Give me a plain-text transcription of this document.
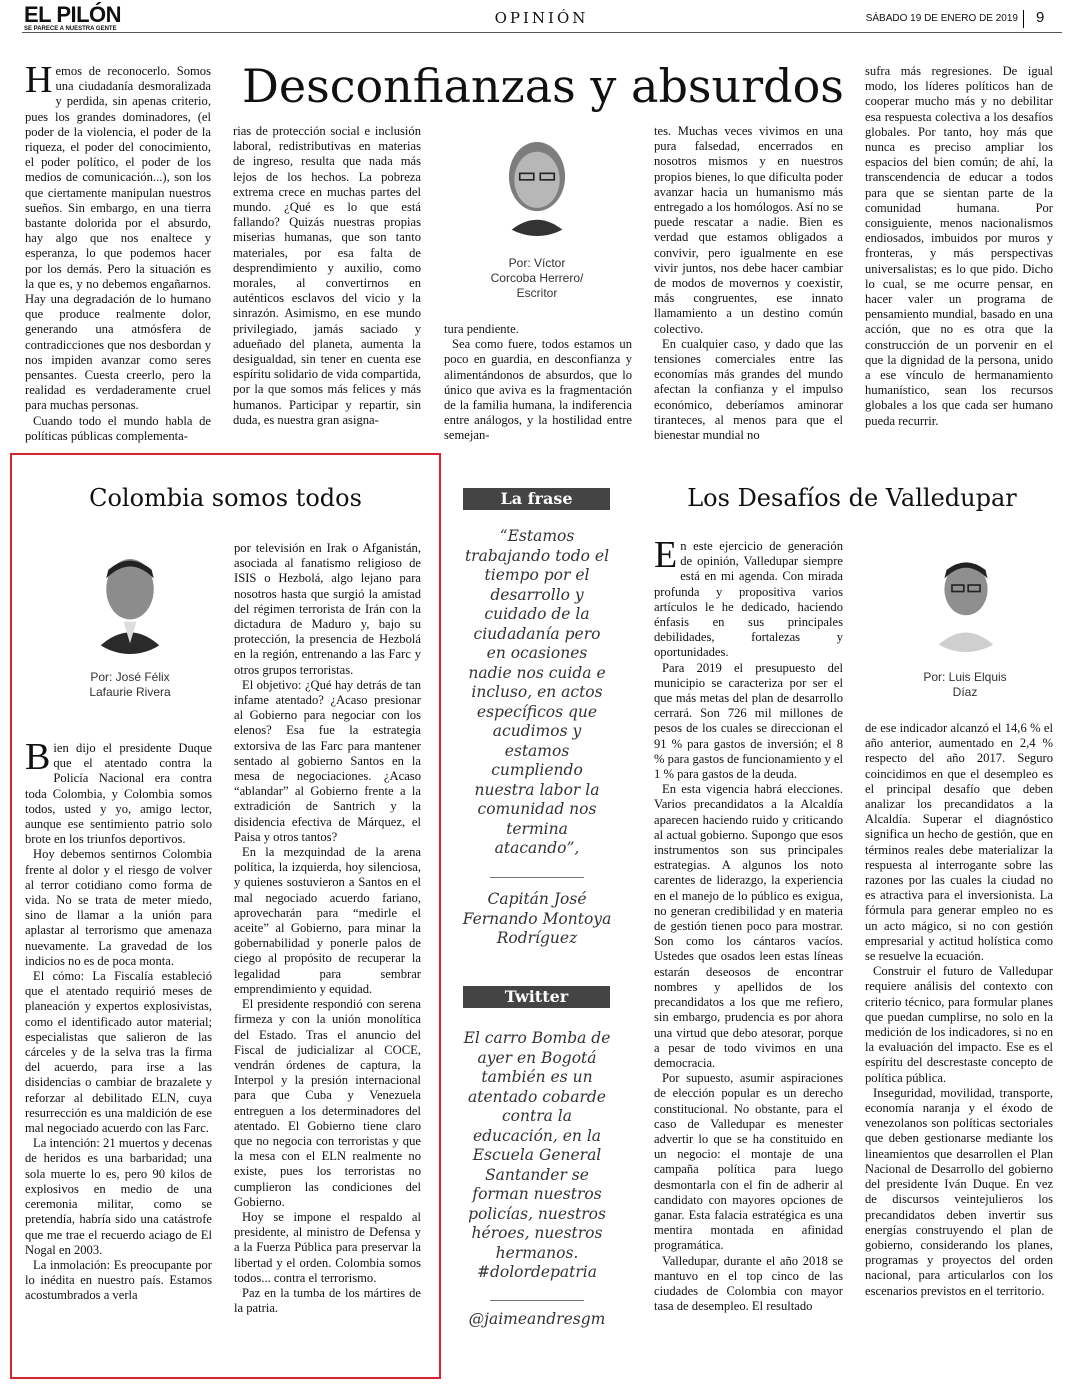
EL PILÓN
SE PARECE A NUESTRA GENTE
OPINIÓN	SÁBADO 19 DE ENERO DE 2019 9
Desconfianzas y absurdos

Hemos de reconocerlo. Somos una ciudadanía desmoralizada y perdida, sin apenas criterio, pues los grandes dominadores, (el poder de la violencia, el poder de la riqueza, el poder del conocimiento, el poder político, el poder de los medios de comunicación...), son los que ciertamente manipulan nuestros sueños. Sin embargo, en una tierra bastante dolorida por el absurdo, hay algo que nos enaltece y esperanza, lo que podemos hacer por los demás. Pero la situación es la que es, y no debemos engañarnos. Hay una degradación de lo humano que produce realmente dolor, generando una atmósfera de contradicciones que nos desbordan y nos impiden avanzar como seres pensantes. Cuesta creerlo, pero la realidad es verdaderamente cruel para muchas personas.

Cuando todo el mundo habla de políticas públicas complementa-

rias de protección social e inclusión laboral, redistributivas en materias de ingreso, resulta que nada más lejos de los hechos. La pobreza extrema crece en muchas partes del mundo. ¿Qué es lo que está fallando? Quizás nuestras propias miserias humanas, que son tanto materiales, por esa falta de desprendimiento y auxilio, como morales, al convertirnos en auténticos esclavos del vicio y la sinrazón. Asimismo, en ese mundo privilegiado, jamás saciado y adueñado del planeta, aumenta la desigualdad, sin tener en cuenta ese espíritu solidario de vida compartida, por la que somos más felices y más humanos. Participar y repartir, sin duda, es nuestra gran asigna-

Por: Víctor
Corcoba Herrero/
Escritor

tura pendiente.

Sea como fuere, todos estamos un poco en guardia, en desconfianza y alimentándonos de absurdos, que lo único que aviva es la fragmentación de la familia humana, la indiferencia entre análogos, y la hostilidad entre semejan-

tes. Muchas veces vivimos en una pura falsedad, encerrados en nosotros mismos y en nuestros propios bienes, lo que dificulta poder avanzar hacia un humanismo más entregado a los homólogos. Así no se puede rescatar a nadie. Bien es verdad que estamos obligados a convivir, pero igualmente en ese vivir juntos, nos debe hacer cambiar de modos de movernos y coexistir, más congruentes, ese innato llamamiento a un destino común colectivo.

En cualquier caso, y dado que las tensiones comerciales entre las economías más grandes del mundo afectan la confianza y el impulso económico, deberíamos aminorar tiranteces, al menos para que el bienestar mundial no

sufra más regresiones. De igual modo, los líderes políticos han de cooperar mucho más y no debilitar esa respuesta colectiva a los desafíos globales. Por tanto, hoy más que nunca es preciso ampliar los espacios del bien común; de ahí, la transcendencia de educar a todos para que se sientan parte de la comunidad humana. Por consiguiente, menos nacionalismos endiosados, imbuidos por muros y fronteras, y más perspectivas universalistas; es lo que pido. Dicho lo cual, se me ocurre pensar, en hacer valer un programa de pensamiento mundial, basado en una acción, que no es otra que la construcción de un porvenir en el que la dignidad de la persona, unido a ese vínculo de hermanamiento humanístico, sean los recursos globales a los que cada ser humano pueda recurrir.

Colombia somos todos
Por: José Félix
Lafaurie Rivera

Bien dijo el presidente Duque que el atentado contra la Policía Nacional era contra toda Colombia, y Colombia somos todos, usted y yo, amigo lector, aunque ese sentimiento patrio solo brote en los triunfos deportivos.

Hoy debemos sentirnos Colombia frente al dolor y el riesgo de volver al terror cotidiano como forma de vida. No se trata de meter miedo, sino de llamar a la unión para aplastar al terrorismo que amenaza nuevamente. La gravedad de los indicios no es de poca monta.

El cómo: La Fiscalía estableció que el atentado requirió meses de planeación y expertos explosivistas, como el identificado autor material; especialistas que salieron de las cárceles y de la selva tras la firma del acuerdo, para irse a las disidencias o cambiar de brazalete y reforzar al debilitado ELN, cuya resurrección es una maldición de ese mal negociado acuerdo con las Farc.

La intención: 21 muertos y decenas de heridos es una barbaridad; una sola muerte lo es, pero 90 kilos de explosivos en medio de una ceremonia militar, como se pretendía, habría sido una catástrofe que me trae el recuerdo aciago de El Nogal en 2003.

La inmolación: Es preocupante por lo inédita en nuestro país. Estamos acostumbrados a verla

por televisión en Irak o Afganistán, asociada al fanatismo religioso de ISIS o Hezbolá, algo lejano para nosotros hasta que surgió la amistad del régimen terrorista de Irán con la dictadura de Maduro y, bajo su protección, la presencia de Hezbolá en la región, entrenando a las Farc y otros grupos terroristas.

El objetivo: ¿Qué hay detrás de tan infame atentado? ¿Acaso presionar al Gobierno para negociar con los elenos? Esa fue la estrategia extorsiva de las Farc para mantener sentado al gobierno Santos en la mesa de negociaciones. ¿Acaso “ablandar” al Gobierno frente a la extradición de Santrich y la disidencia efectiva de Márquez, el Paisa y otros tantos?

En la mezquindad de la arena política, la izquierda, hoy silenciosa, y quienes sostuvieron a Santos en el mal negociado acuerdo fariano, aprovecharán para “medirle el aceite” al Gobierno, para minar la gobernabilidad y ponerle palos de ciego al propósito de recuperar la legalidad para sembrar emprendimiento y equidad.

El presidente respondió con serena firmeza y con la unión monolítica del Estado. Tras el anuncio del Fiscal de judicializar al COCE, vendrán órdenes de captura, la Interpol y la presión internacional para que Cuba y Venezuela entreguen a los determinadores del atentado. El Gobierno tiene claro que no negocia con terroristas y que la mesa con el ELN realmente no existe, pues los terroristas no cumplieron las condiciones del Gobierno.

Hoy se impone el respaldo al presidente, al ministro de Defensa y a la Fuerza Pública para preservar la libertad y el orden. Colombia somos todos... contra el terrorismo.

Paz en la tumba de los mártires de la patria.

La frase
“Estamos trabajando todo el tiempo por el desarrollo y cuidado de la ciudadanía pero en ocasiones nadie nos cuida e incluso, en actos específicos que acudimos y estamos cumpliendo nuestra labor la comunidad nos termina atacando”,
Capitán José Fernando Montoya Rodríguez
Twitter
El carro Bomba de ayer en Bogotá también es un atentado cobarde contra la educación, en la Escuela General Santander se forman nuestros policías, nuestros héroes, nuestros hermanos. #dolordepatria
@jaimeandresgm
Los Desafíos de Valledupar

En este ejercicio de generación de opinión, Valledupar siempre está en mi agenda. Con mirada profunda y propositiva varios artículos le he dedicado, haciendo énfasis en sus principales debilidades, fortalezas y oportunidades.

Para 2019 el presupuesto del municipio se caracteriza por ser el que más metas del plan de desarrollo cerrará. Son 726 mil millones de pesos de los cuales se direccionan el 91 % para gastos de inversión; el 8 % para gastos de funcionamiento y el 1 % para gastos de la deuda.

En esta vigencia habrá elecciones. Varios precandidatos a la Alcaldía aparecen haciendo ruido y criticando al actual gobierno. Supongo que esos instrumentos son sus principales estrategias. A algunos los noto carentes de liderazgo, la experiencia en el manejo de lo público es exigua, no generan credibilidad y en materia de gestión tienen poco para mostrar. Son como los cántaros vacíos. Ustedes que osados leen estas líneas estarán deseosos de encontrar nombres y apellidos de los precandidatos a los que me refiero, sin embargo, prudencia es por ahora una virtud que debo atesorar, porque a pesar de todo vivimos en una democracia.

Por supuesto, asumir aspiraciones de elección popular es un derecho constitucional. No obstante, para el caso de Valledupar es menester advertir lo que se ha constituido en un negocio: el montaje de una campaña política para luego desmontarla con el fin de adherir al candidato con mayores opciones de ganar. Esta falacia estratégica es una mentira montada en afinidad programática.

Valledupar, durante el año 2018 se mantuvo en el top cinco de las ciudades de Colombia con mayor tasa de desempleo. El resultado

Por: Luis Elquis
Díaz

de ese indicador alcanzó el 14,6 % el año anterior, aumentado en 2,4 % respecto del año 2017. Seguro coincidimos en que el desempleo es el principal desafío que deben analizar los precandidatos a la Alcaldía. Superar el diagnóstico significa un hecho de gestión, que en términos reales debe materializar la respuesta al interrogante sobre las razones por las cuales la ciudad no es atractiva para el inversionista. La fórmula para generar empleo no es un acto mágico, si no con gestión empresarial y actitud holística como se resuelve la ecuación.

Construir el futuro de Valledupar requiere análisis del contexto con criterio técnico, para formular planes que puedan cumplirse, no solo en la medición de los indicadores, si no en la evaluación del impacto. Ese es el espíritu del descrestaste concepto de política pública.

Inseguridad, movilidad, transporte, economía naranja y el éxodo de venezolanos son políticas sectoriales que deben gestionarse mediante los lineamientos que desarrollen el Plan Nacional de Desarrollo del gobierno del presidente Iván Duque. En vez de discursos veintejulieros los precandidatos deben invertir sus energías construyendo el plan de gobierno, considerando los planes, programas y proyectos del orden nacional, para articularlos con los escenarios previstos en el territorio.
